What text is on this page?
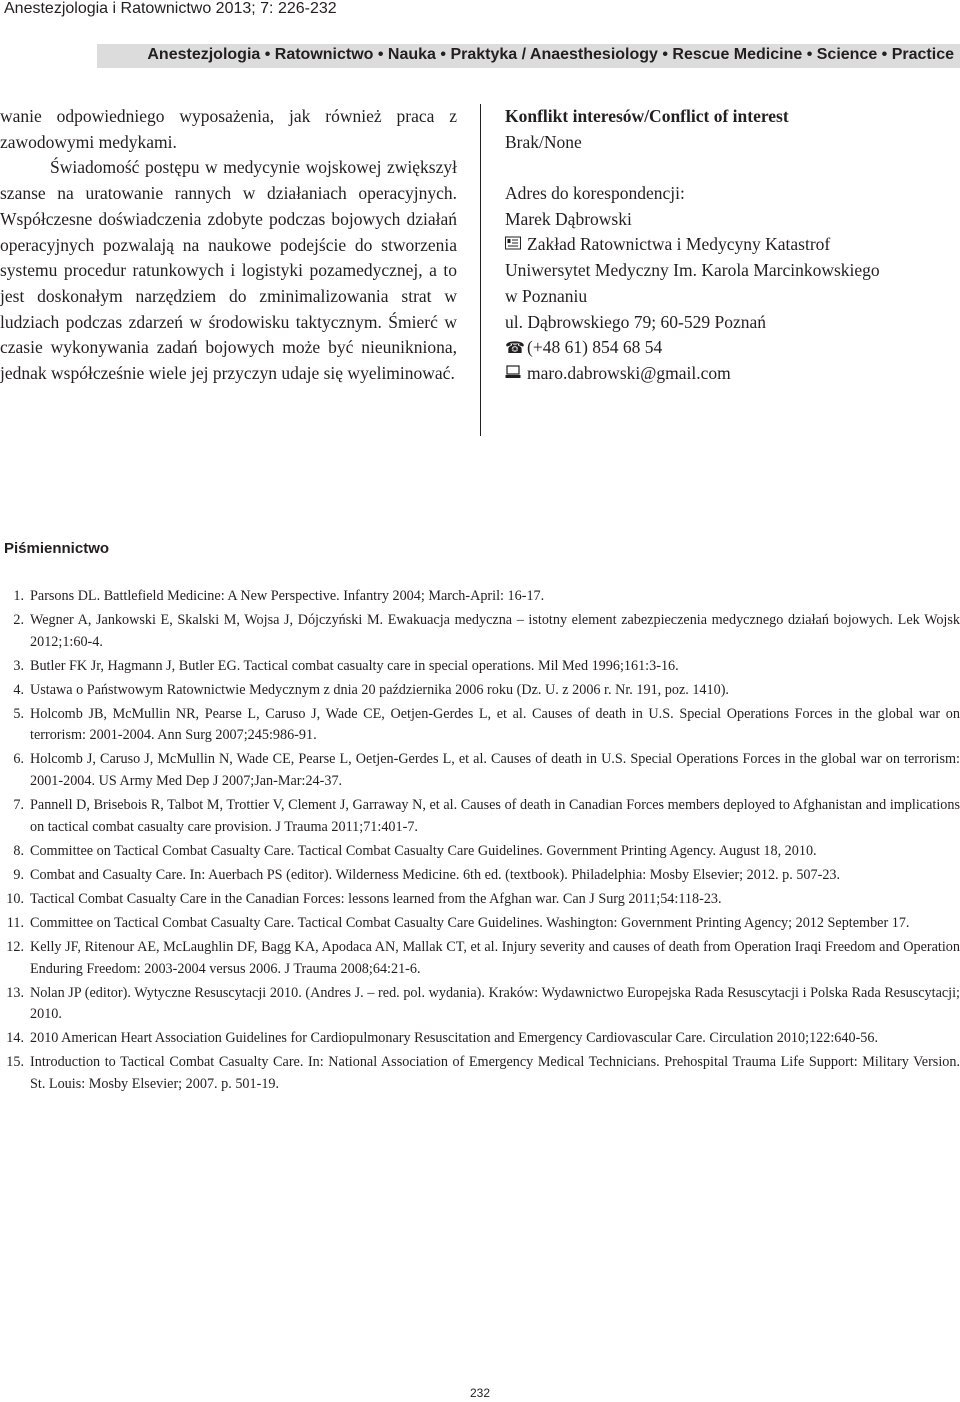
Anestezjologia i Ratownictwo 2013; 7: 226-232
Anestezjologia • Ratownictwo • Nauka • Praktyka / Anaesthesiology • Rescue Medicine • Science • Practice

wanie odpowiedniego wyposażenia, jak również praca z zawodowymi medykami.

Świadomość postępu w medycynie wojskowej zwiększył szanse na uratowanie rannych w działaniach operacyjnych. Współczesne doświadczenia zdobyte podczas bojowych działań operacyjnych pozwalają na naukowe podejście do stworzenia systemu procedur ratunkowych i logistyki pozamedycznej, a to jest doskonałym narzędziem do zminimalizowania strat w ludziach podczas zdarzeń w środowisku taktycznym. Śmierć w czasie wykonywania zadań bojowych może być nieunikniona, jednak współcześnie wiele jej przyczyn udaje się wyeliminować.

Konflikt interesów/Conflict of interest
Brak/None
Adres do korespondencji:
Marek Dąbrowski
Zakład Ratownictwa i Medycyny Katastrof
Uniwersytet Medyczny Im. Karola Marcinkowskiego
w Poznaniu
ul. Dąbrowskiego 79; 60-529 Poznań
☎ (+48 61) 854 68 54
maro.dabrowski@gmail.com
Piśmiennictwo
1. Parsons DL. Battlefield Medicine: A New Perspective. Infantry 2004; March-April: 16-17.
2. Wegner A, Jankowski E, Skalski M, Wojsa J, Dójczyński M. Ewakuacja medyczna – istotny element zabezpieczenia medycznego działań bojowych. Lek Wojsk 2012;1:60-4.
3. Butler FK Jr, Hagmann J, Butler EG. Tactical combat casualty care in special operations. Mil Med 1996;161:3-16.
4. Ustawa o Państwowym Ratownictwie Medycznym z dnia 20 października 2006 roku (Dz. U. z 2006 r. Nr. 191, poz. 1410).
5. Holcomb JB, McMullin NR, Pearse L, Caruso J, Wade CE, Oetjen-Gerdes L, et al. Causes of death in U.S. Special Operations Forces in the global war on terrorism: 2001-2004. Ann Surg 2007;245:986-91.
6. Holcomb J, Caruso J, McMullin N, Wade CE, Pearse L, Oetjen-Gerdes L, et al. Causes of death in U.S. Special Operations Forces in the global war on terrorism: 2001-2004. US Army Med Dep J 2007;Jan-Mar:24-37.
7. Pannell D, Brisebois R, Talbot M, Trottier V, Clement J, Garraway N, et al. Causes of death in Canadian Forces members deployed to Afghanistan and implications on tactical combat casualty care provision. J Trauma 2011;71:401-7.
8. Committee on Tactical Combat Casualty Care. Tactical Combat Casualty Care Guidelines. Government Printing Agency. August 18, 2010.
9. Combat and Casualty Care. In: Auerbach PS (editor). Wilderness Medicine. 6th ed. (textbook). Philadelphia: Mosby Elsevier; 2012. p. 507-23.
10. Tactical Combat Casualty Care in the Canadian Forces: lessons learned from the Afghan war. Can J Surg 2011;54:118-23.
11. Committee on Tactical Combat Casualty Care. Tactical Combat Casualty Care Guidelines. Washington: Government Printing Agency; 2012 September 17.
12. Kelly JF, Ritenour AE, McLaughlin DF, Bagg KA, Apodaca AN, Mallak CT, et al. Injury severity and causes of death from Operation Iraqi Freedom and Operation Enduring Freedom: 2003-2004 versus 2006. J Trauma 2008;64:21-6.
13. Nolan JP (editor). Wytyczne Resuscytacji 2010. (Andres J. – red. pol. wydania). Kraków: Wydawnictwo Europejska Rada Resuscytacji i Polska Rada Resuscytacji; 2010.
14. 2010 American Heart Association Guidelines for Cardiopulmonary Resuscitation and Emergency Cardiovascular Care. Circulation 2010;122:640-56.
15. Introduction to Tactical Combat Casualty Care. In: National Association of Emergency Medical Technicians. Prehospital Trauma Life Support: Military Version. St. Louis: Mosby Elsevier; 2007. p. 501-19.
232
